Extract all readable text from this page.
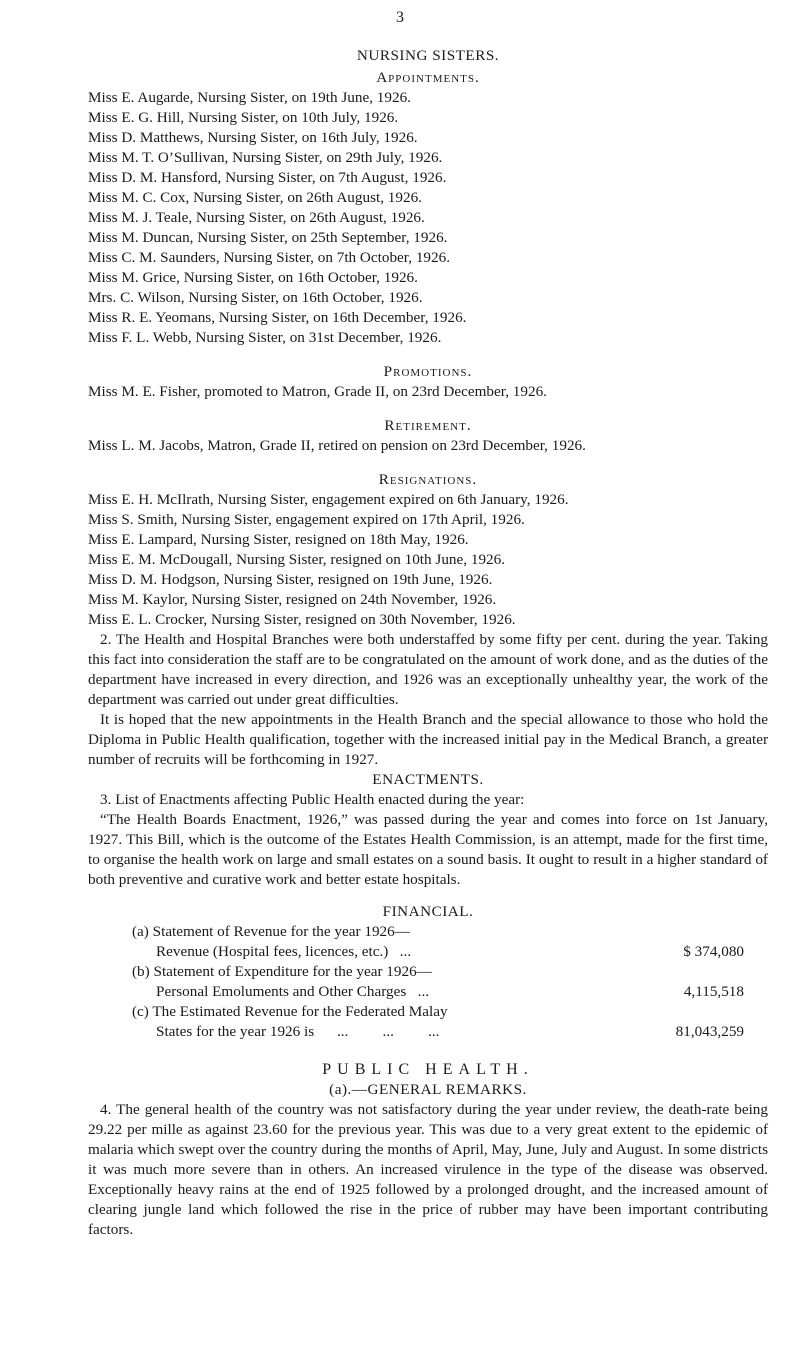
3
NURSING SISTERS.
Appointments.
Miss E. Augarde, Nursing Sister, on 19th June, 1926.
Miss E. G. Hill, Nursing Sister, on 10th July, 1926.
Miss D. Matthews, Nursing Sister, on 16th July, 1926.
Miss M. T. O’Sullivan, Nursing Sister, on 29th July, 1926.
Miss D. M. Hansford, Nursing Sister, on 7th August, 1926.
Miss M. C. Cox, Nursing Sister, on 26th August, 1926.
Miss M. J. Teale, Nursing Sister, on 26th August, 1926.
Miss M. Duncan, Nursing Sister, on 25th September, 1926.
Miss C. M. Saunders, Nursing Sister, on 7th October, 1926.
Miss M. Grice, Nursing Sister, on 16th October, 1926.
Mrs. C. Wilson, Nursing Sister, on 16th October, 1926.
Miss R. E. Yeomans, Nursing Sister, on 16th December, 1926.
Miss F. L. Webb, Nursing Sister, on 31st December, 1926.
Promotions.
Miss M. E. Fisher, promoted to Matron, Grade II, on 23rd December, 1926.
Retirement.
Miss L. M. Jacobs, Matron, Grade II, retired on pension on 23rd December, 1926.
Resignations.
Miss E. H. McIlrath, Nursing Sister, engagement expired on 6th January, 1926.
Miss S. Smith, Nursing Sister, engagement expired on 17th April, 1926.
Miss E. Lampard, Nursing Sister, resigned on 18th May, 1926.
Miss E. M. McDougall, Nursing Sister, resigned on 10th June, 1926.
Miss D. M. Hodgson, Nursing Sister, resigned on 19th June, 1926.
Miss M. Kaylor, Nursing Sister, resigned on 24th November, 1926.
Miss E. L. Crocker, Nursing Sister, resigned on 30th November, 1926.

2. The Health and Hospital Branches were both understaffed by some fifty per cent. during the year. Taking this fact into consideration the staff are to be congratulated on the amount of work done, and as the duties of the department have increased in every direction, and 1926 was an exceptionally unhealthy year, the work of the department was carried out under great difficulties.

It is hoped that the new appointments in the Health Branch and the special allowance to those who hold the Diploma in Public Health qualification, together with the increased initial pay in the Medical Branch, a greater number of recruits will be forthcoming in 1927.

ENACTMENTS.

3. List of Enactments affecting Public Health enacted during the year:

“The Health Boards Enactment, 1926,” was passed during the year and comes into force on 1st January, 1927. This Bill, which is the outcome of the Estates Health Commission, is an attempt, made for the first time, to organise the health work on large and small estates on a sound basis. It ought to result in a higher standard of both preventive and curative work and better estate hospitals.

FINANCIAL.
(a) Statement of Revenue for the year 1926—
Revenue (Hospital fees, licences, etc.) ...	$ 374,080
(b) Statement of Expenditure for the year 1926—
Personal Emoluments and Other Charges ...	4,115,518
(c) The Estimated Revenue for the Federated Malay
States for the year 1926 is ...         ...         ...	81,043,259
PUBLIC HEALTH.
(a).—GENERAL REMARKS.

4. The general health of the country was not satisfactory during the year under review, the death-rate being 29.22 per mille as against 23.60 for the previous year. This was due to a very great extent to the epidemic of malaria which swept over the country during the months of April, May, June, July and August. In some districts it was much more severe than in others. An increased virulence in the type of the disease was observed. Exceptionally heavy rains at the end of 1925 followed by a prolonged drought, and the increased amount of clearing jungle land which followed the rise in the price of rubber may have been important contributing factors.
